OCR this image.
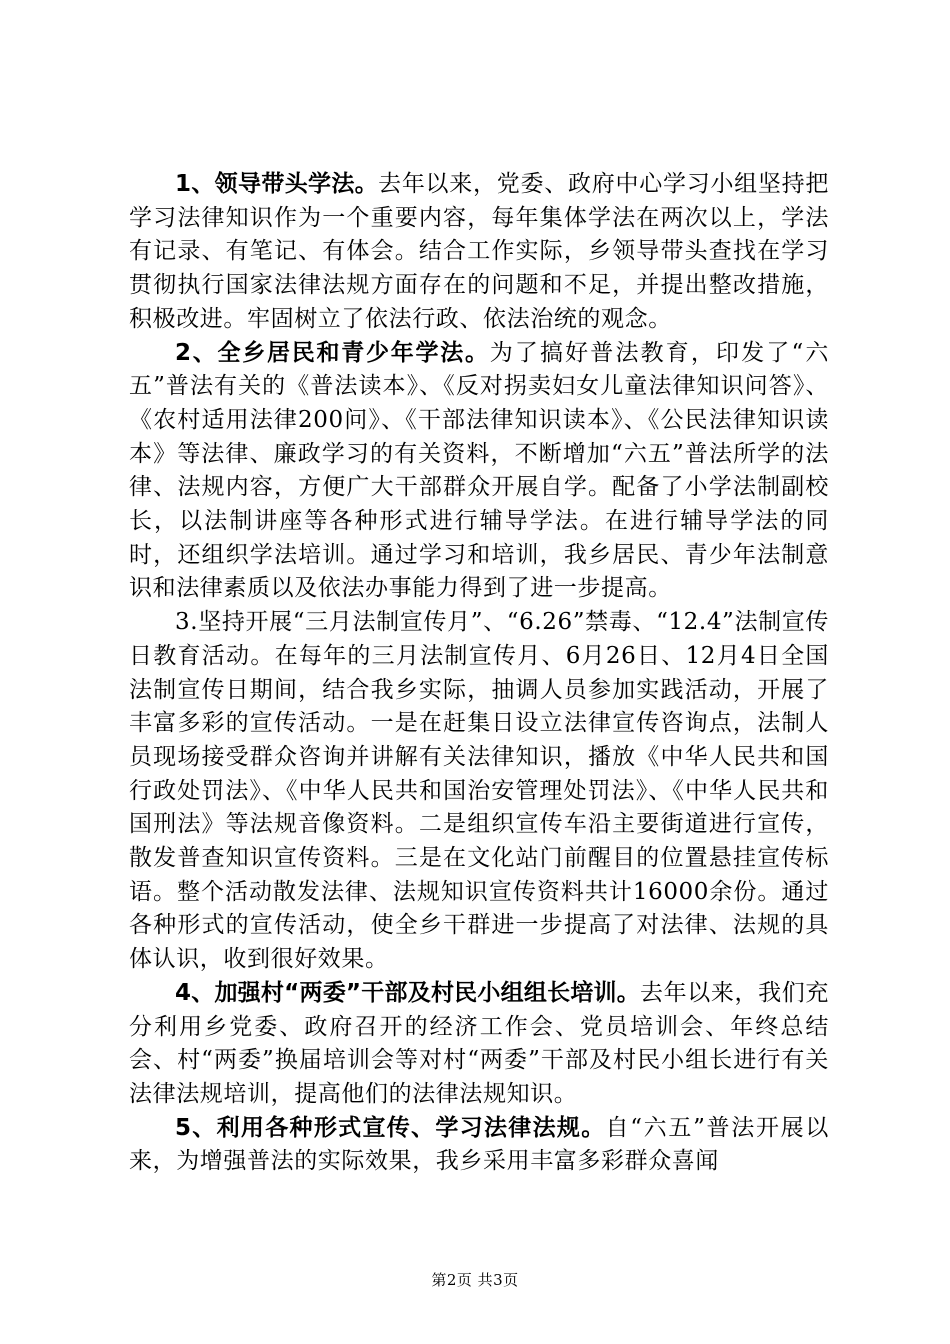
1、领导带头学法。去年以来，党委、政府中心学习小组坚持把学习法律知识作为一个重要内容，每年集体学法在两次以上，学法有记录、有笔记、有体会。结合工作实际，乡领导带头查找在学习贯彻执行国家法律法规方面存在的问题和不足，并提出整改措施，积极改进。牢固树立了依法行政、依法治统的观念。

2、全乡居民和青少年学法。为了搞好普法教育，印发了“六五”普法有关的《普法读本》、《反对拐卖妇女儿童法律知识问答》、《农村适用法律200问》、《干部法律知识读本》、《公民法律知识读本》等法律、廉政学习的有关资料，不断增加“六五”普法所学的法律、法规内容，方便广大干部群众开展自学。配备了小学法制副校长，以法制讲座等各种形式进行辅导学法。在进行辅导学法的同时，还组织学法培训。通过学习和培训，我乡居民、青少年法制意识和法律素质以及依法办事能力得到了进一步提高。

3.坚持开展“三月法制宣传月”、“6.26”禁毒、“12.4”法制宣传日教育活动。在每年的三月法制宣传月、6月26日、12月4日全国法制宣传日期间，结合我乡实际，抽调人员参加实践活动，开展了丰富多彩的宣传活动。一是在赶集日设立法律宣传咨询点，法制人员现场接受群众咨询并讲解有关法律知识，播放《中华人民共和国行政处罚法》、《中华人民共和国治安管理处罚法》、《中华人民共和国刑法》等法规音像资料。二是组织宣传车沿主要街道进行宣传，散发普查知识宣传资料。三是在文化站门前醒目的位置悬挂宣传标语。整个活动散发法律、法规知识宣传资料共计16000余份。通过各种形式的宣传活动，使全乡干群进一步提高了对法律、法规的具体认识，收到很好效果。

4、加强村“两委”干部及村民小组组长培训。去年以来，我们充分利用乡党委、政府召开的经济工作会、党员培训会、年终总结会、村“两委”换届培训会等对村“两委”干部及村民小组长进行有关法律法规培训，提高他们的法律法规知识。

5、利用各种形式宣传、学习法律法规。自“六五”普法开展以来，为增强普法的实际效果，我乡采用丰富多彩群众喜闻

第2页 共3页
